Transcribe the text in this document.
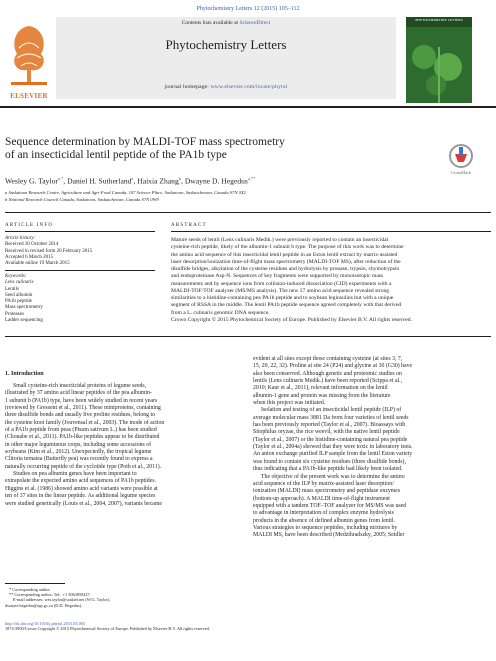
Phytochemistry Letters 12 (2015) 105–112
Contents lists available at ScienceDirect
Phytochemistry Letters
journal homepage: www.elsevier.com/locate/phytol
ELSEVIER
PHYTOCHEMISTRY LETTERS
Sequence determination by MALDI-TOF mass spectrometry
of an insecticidal lentil peptide of the PA1b type
CrossMark
Wesley G. Taylor$^{a,*}$, Daniel H. Sutherland$^a$, Haixia Zhang$^b$, Dwayne D. Hegedus$^{a,**}$
a Saskatoon Research Centre, Agriculture and Agri-Food Canada, 107 Science Place, Saskatoon, Saskatchewan, Canada S7N 0X2
b National Research Council Canada, Saskatoon, Saskatchewan, Canada S7N 0W9
ARTICLE INFO	ABSTRACT
Article history:
Received 30 October 2014
Received in revised form 20 February 2015
Accepted 6 March 2015
Available online 19 March 2015
Keywords:
Lens culinaris
Lentils
Seed albumin
PA1b peptide
Mass spectrometry
Proteases
Ladder sequencing
Mature seeds of lentil (Lens culinaris Medik.) were previously reported to contain an insecticidal
cysteine-rich peptide, likely of the albumin-1 subunit b type. The purpose of this work was to determine
the amino acid sequence of this insecticidal lentil peptide in an Eston lentil extract by matrix-assisted
laser desorption/ionization time-of-flight mass spectrometry (MALDI-TOF MS), after reduction of the
disulfide bridges, alkylation of the cysteine residues and hydrolysis by pronase, trypsin, chymotrypsin
and endoproteinase Asp-N. Sequences of key fragments were supported by monoisotopic mass
measurements and by sequence ions from collision-induced dissociation (CID) experiments with a
MALDI-TOF/TOF analyzer (MS/MS analysis). The new 37 amino acid sequence revealed strong
similarities to a histidine-containing pea PA1b peptide and to soybean leginsulins but with a unique
segment of RSSA in the middle. The lentil PA1b peptide sequence agreed completely with that derived
from a L. culinaris genomic DNA sequence.
Crown Copyright © 2015 Phytochemical Society of Europe. Published by Elsevier B.V. All rights reserved.
1. Introduction
Small cysteine-rich insecticidal proteins of legume seeds,
illustrated by 37 amino acid linear peptides of the pea albumin-
1 subunit b (PA1b) type, have been widely studied in recent years
(reviewed by Gressent et al., 2011). These miniproteins, containing
three disulfide bonds and usually five proline residues, belong to
the cysteine knot family (Jouvensal et al., 2003). The mode of action
of a PA1b peptide from peas (Pisum sativum L.) has been studied
(Chouabe et al., 2011). PA1b-like peptides appear to be distributed
in other major leguminous crops, including some accessions of
soybeans (Kim et al., 2012). Unexpectedly, the tropical legume
Clitoria ternatea (Butterfly pea) was recently found to express a
naturally occurring peptide of the cyclotide type (Poth et al., 2011).
Studies on pea albumin genes have been important to
extrapolate the expected amino acid sequences of PA1b peptides.
Higgins et al. (1986) showed amino acid variants were possible at
ten of 37 sites in the linear peptide. As additional legume species
were studied genetically (Louis et al., 2004, 2007), variants became
evident at all sites except those containing cysteine (at sites 3, 7,
15, 20, 22, 32). Proline at site 24 (P24) and glycine at 30 (G30) have
also been conserved. Although genetic and proteomic studies on
lentils (Lens culinaris Medik.) have been reported (Scippa et al.,
2010; Kaur et al., 2011), relevant information on the lentil
albumin-1 gene and protein was missing from the literature
when this project was initiated.
Isolation and testing of an insecticidal lentil peptide (ILP) of
average molecular mass 3881 Da from four varieties of lentil seeds
has been previously reported (Taylor et al., 2007). Bioassays with
Sitophilus oryzae, the rice weevil, with the native lentil peptide
(Taylor et al., 2007) or the histidine-containing natural pea peptide
(Taylor et al., 2004a) showed that they were toxic in laboratory tests.
An anion exchange purified ILP sample from the lentil Eston variety
was found to contain six cysteine residues (three disulfide bonds),
thus indicating that a PA1b-like peptide had likely been isolated.
The objective of the present work was to determine the amino
acid sequence of the ILP by matrix-assisted laser desorption/
ionization (MALDI) mass spectrometry and peptidase enzymes
(bottom-up approach). A MALDI time-of-flight instrument
equipped with a tandem TOF–TOF analyzer for MS/MS was used
to advantage in interpretation of complex enzyme hydrolysis
products in the absence of defined albumin genes from lentil.
Various strategies to sequence peptides, including mixtures by
MALDI MS, have been described (Medzihradszky, 2005; Seidler
* Corresponding author.
** Corresponding author. Tel.: +1 3063859427.
E-mail addresses: wes.taylor@sasktel.net (W.G. Taylor),
dwayne.hegedus@agr.gc.ca (D.D. Hegedus).
http://dx.doi.org/10.1016/j.phytol.2015.03.003
1874-3900/Crown Copyright © 2015 Phytochemical Society of Europe. Published by Elsevier B.V. All rights reserved.
